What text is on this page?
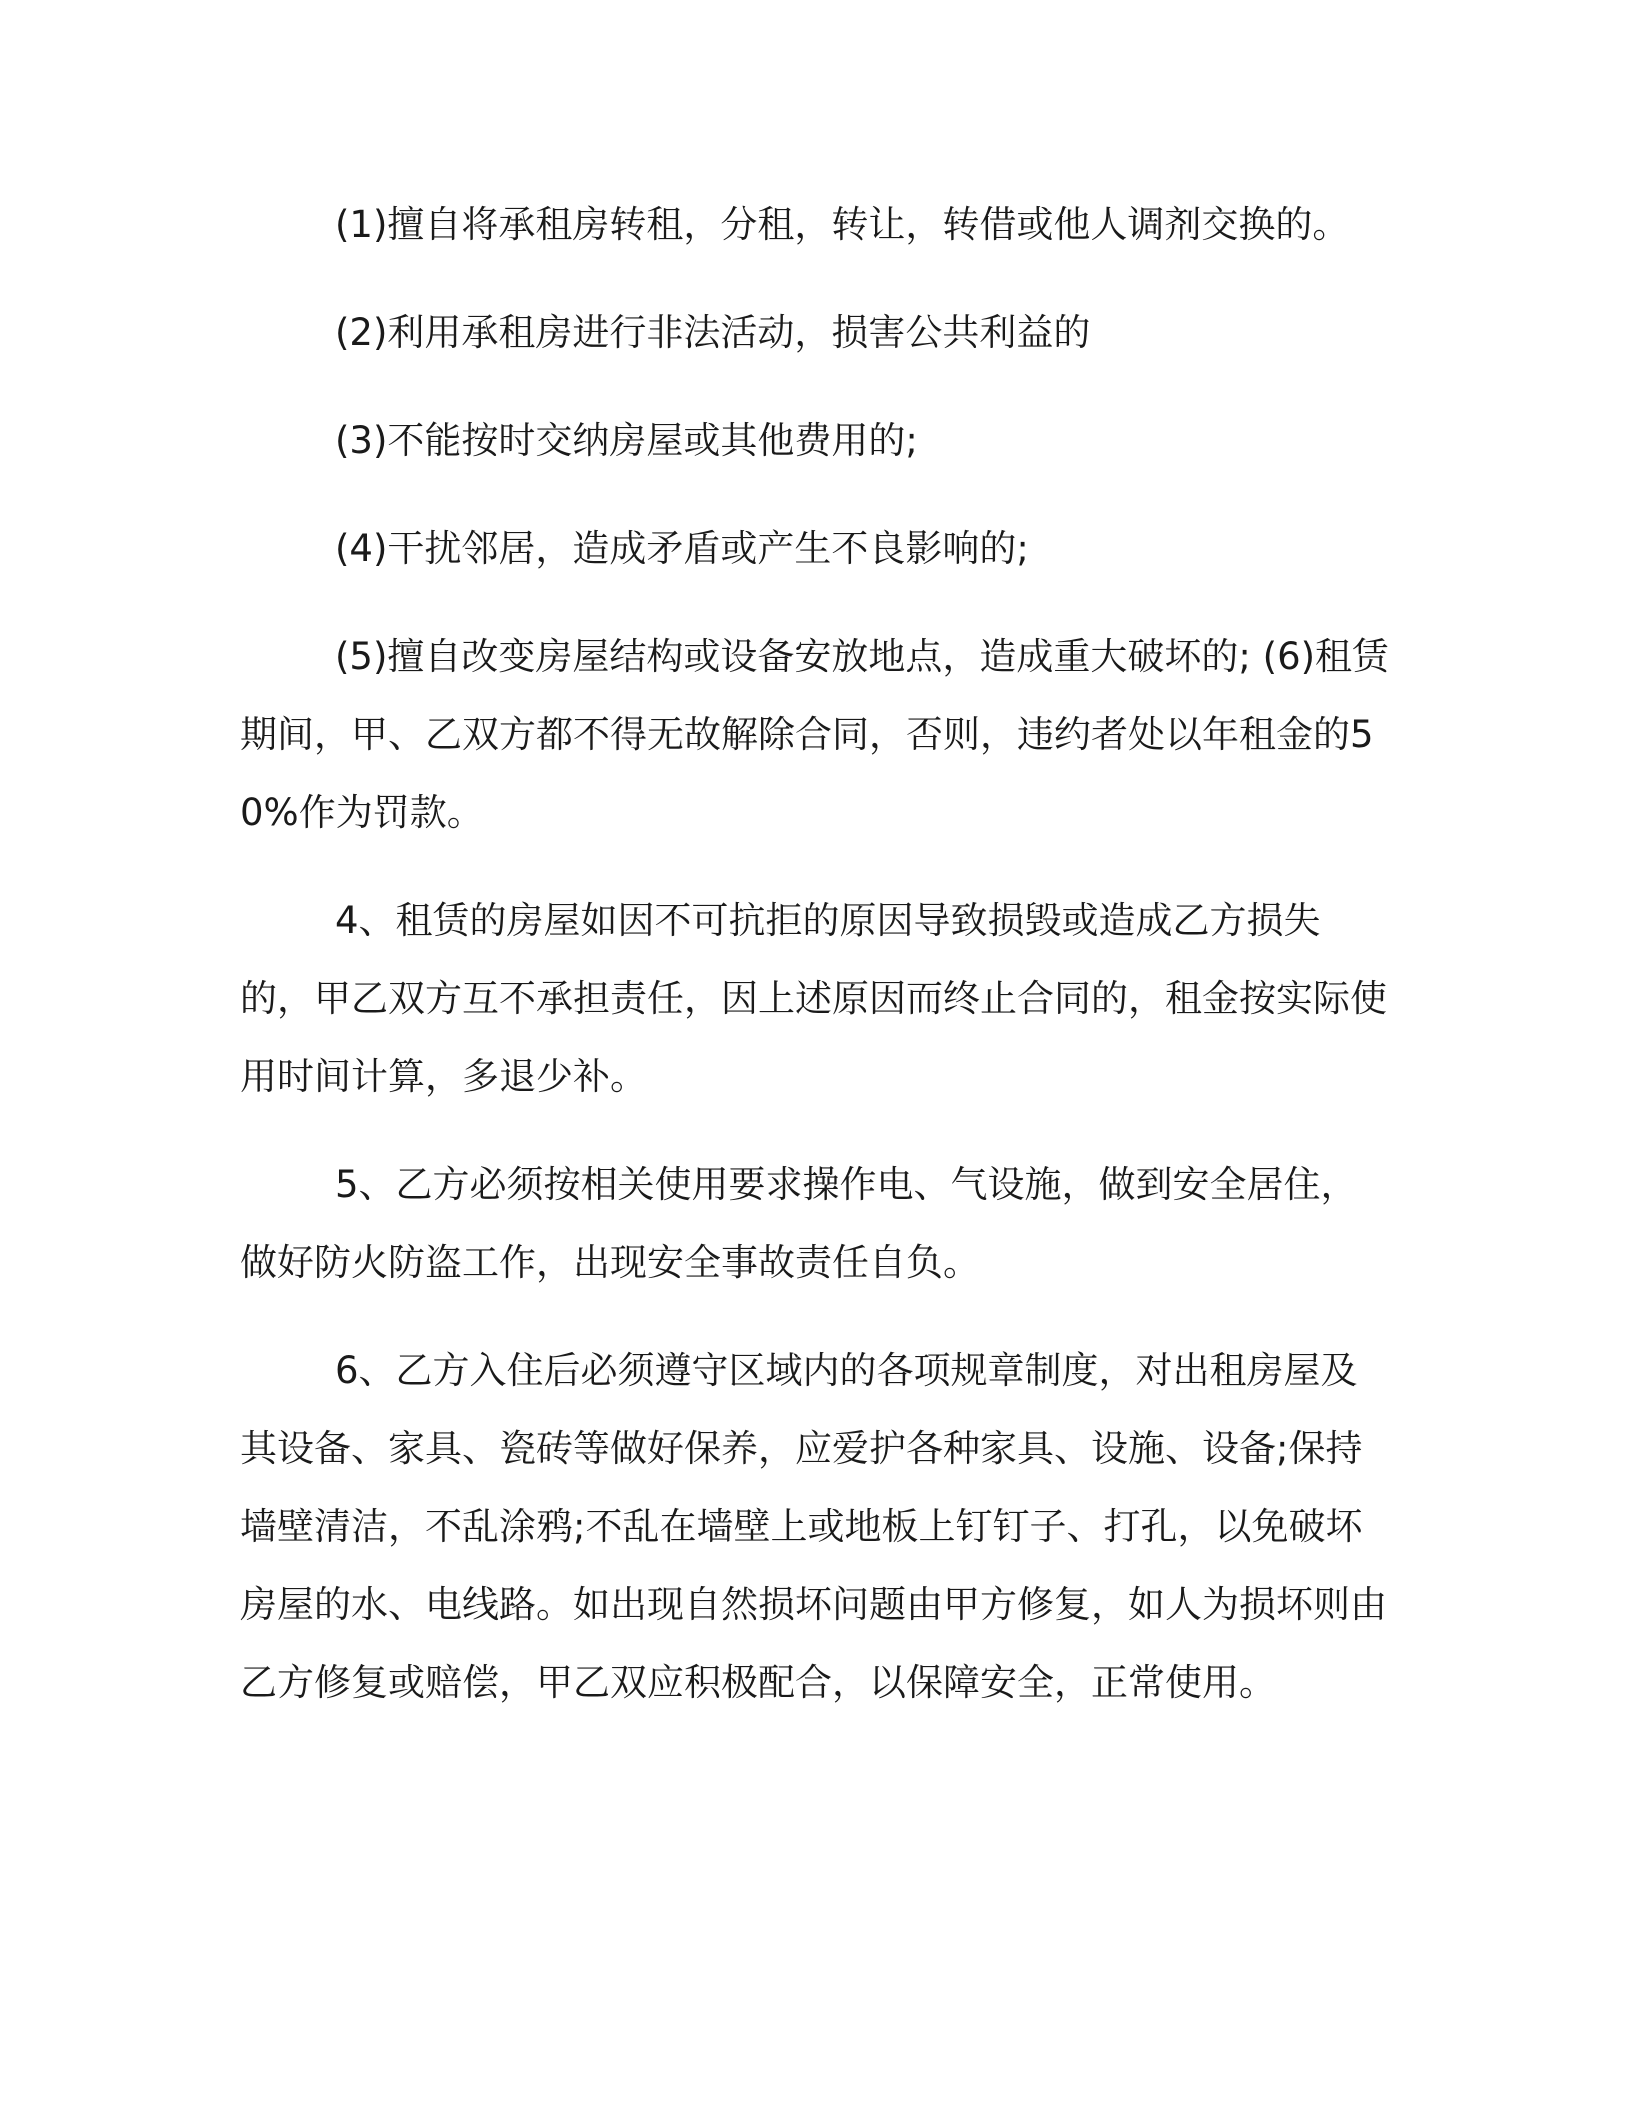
(1)擅自将承租房转租，分租，转让，转借或他人调剂交换的。

(2)利用承租房进行非法活动，损害公共利益的

(3)不能按时交纳房屋或其他费用的;

(4)干扰邻居，造成矛盾或产生不良影响的;

(5)擅自改变房屋结构或设备安放地点，造成重大破坏的; (6)租赁期间，甲、乙双方都不得无故解除合同，否则，违约者处以年租金的50%作为罚款。

4、租赁的房屋如因不可抗拒的原因导致损毁或造成乙方损失的，甲乙双方互不承担责任，因上述原因而终止合同的，租金按实际使用时间计算，多退少补。

5、乙方必须按相关使用要求操作电、气设施，做到安全居住，做好防火防盗工作，出现安全事故责任自负。

6、乙方入住后必须遵守区域内的各项规章制度，对出租房屋及其设备、家具、瓷砖等做好保养，应爱护各种家具、设施、设备;保持墙壁清洁，不乱涂鸦;不乱在墙壁上或地板上钉钉子、打孔，以免破坏房屋的水、电线路。如出现自然损坏问题由甲方修复，如人为损坏则由乙方修复或赔偿，甲乙双应积极配合，以保障安全，正常使用。
